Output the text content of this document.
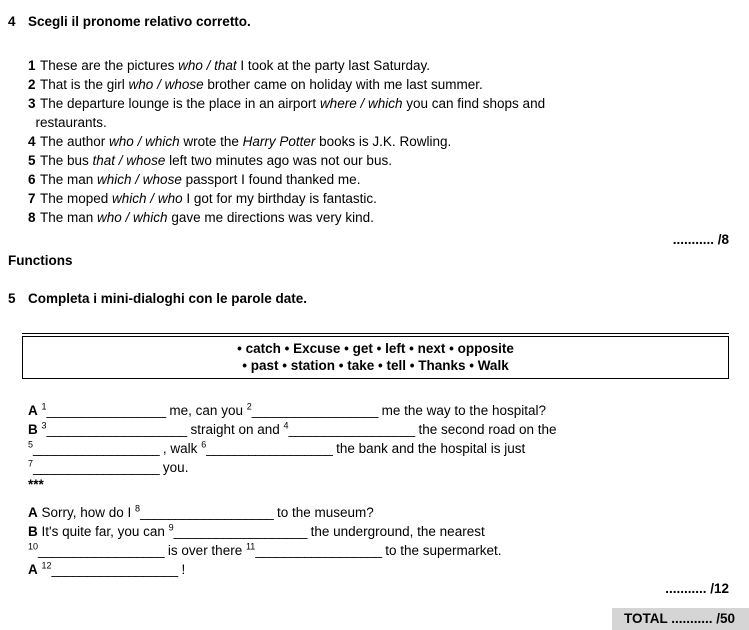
4 Scegli il pronome relativo corretto.
1 These are the pictures who / that I took at the party last Saturday.
2 That is the girl who / whose brother came on holiday with me last summer.
3 The departure lounge is the place in an airport where / which you can find shops and
restaurants.
4 The author who / which wrote the Harry Potter books is J.K. Rowling.
5 The bus that / whose left two minutes ago was not our bus.
6 The man which / whose passport I found thanked me.
7 The moped which / who I got for my birthday is fantastic.
8 The man who / which gave me directions was very kind.
........... /8
Functions
5 Completa i mini-dialoghi con le parole date.
• catch • Excuse • get • left • next • opposite
• past • station • take • tell • Thanks • Walk
A $^1$_________________ me, can you $^2$__________________ me the way to the hospital?
B $^3$____________________ straight on and $^4$__________________ the second road on the
$^5$__________________ , walk $^6$__________________ the bank and the hospital is just
$^7$__________________ you.
***
A Sorry, how do I $^8$___________________ to the museum?
B It's quite far, you can $^9$___________________ the underground, the nearest
$^{10}$__________________ is over there $^{11}$__________________ to the supermarket.
A $^{12}$__________________ !
........... /12
TOTAL ........... /50
